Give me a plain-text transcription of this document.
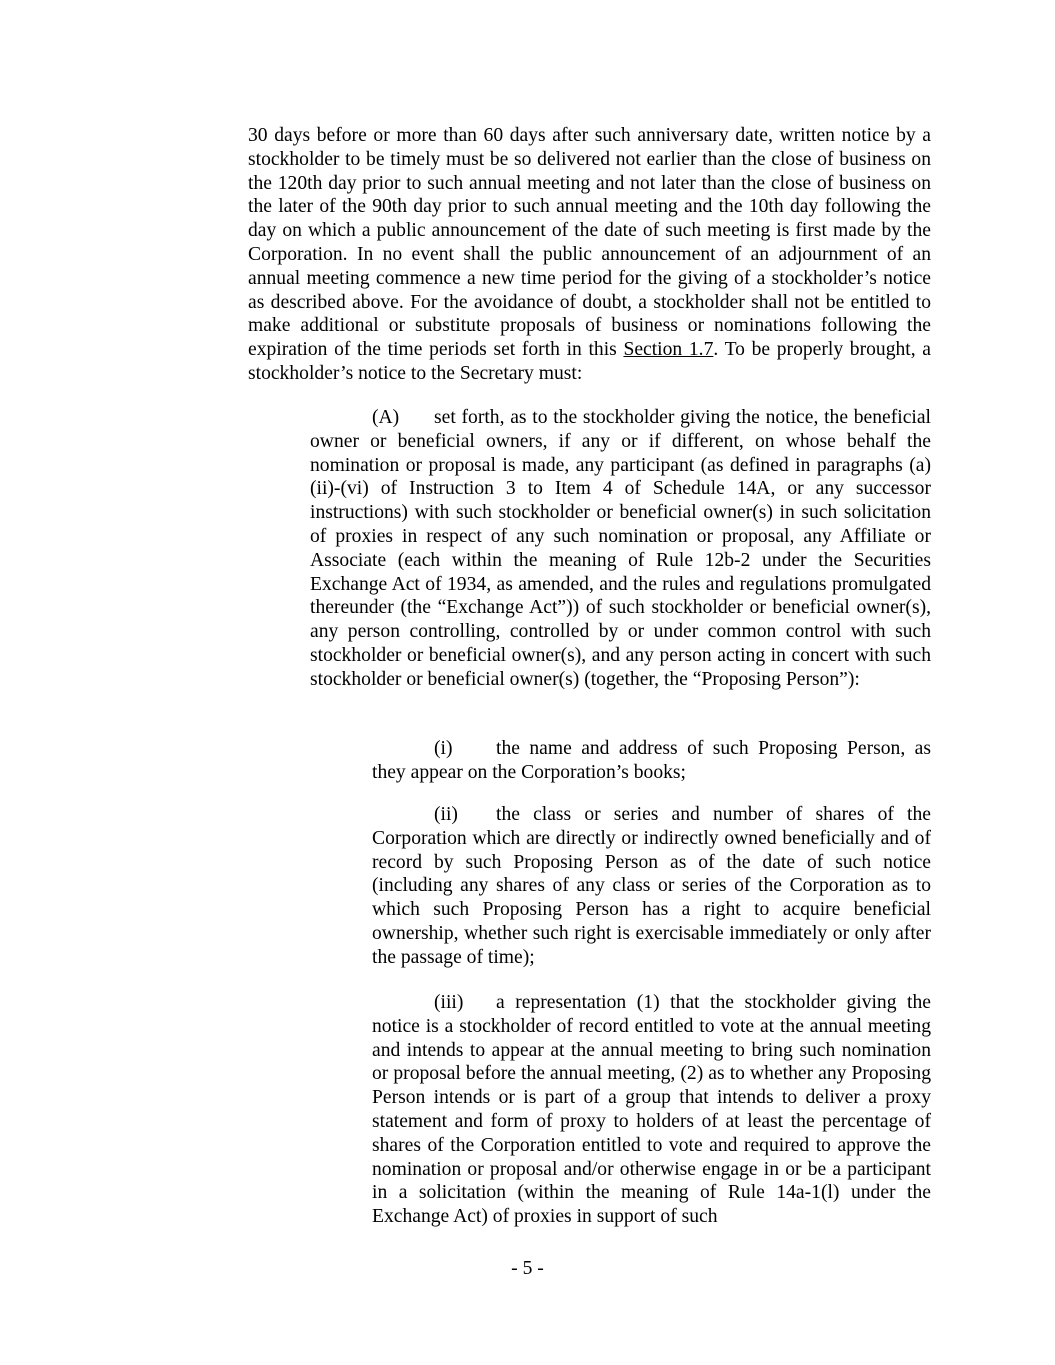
30 days before or more than 60 days after such anniversary date, written notice by a stockholder to be timely must be so delivered not earlier than the close of business on the 120th day prior to such annual meeting and not later than the close of business on the later of the 90th day prior to such annual meeting and the 10th day following the day on which a public announcement of the date of such meeting is first made by the Corporation. In no event shall the public announcement of an adjournment of an annual meeting commence a new time period for the giving of a stockholder’s notice as described above. For the avoidance of doubt, a stockholder shall not be entitled to make additional or substitute proposals of business or nominations following the expiration of the time periods set forth in this Section 1.7. To be properly brought, a stockholder’s notice to the Secretary must:

(A) set forth, as to the stockholder giving the notice, the beneficial owner or beneficial owners, if any or if different, on whose behalf the nomination or proposal is made, any participant (as defined in paragraphs (a)(ii)-(vi) of Instruction 3 to Item 4 of Schedule 14A, or any successor instructions) with such stockholder or beneficial owner(s) in such solicitation of proxies in respect of any such nomination or proposal, any Affiliate or Associate (each within the meaning of Rule 12b-2 under the Securities Exchange Act of 1934, as amended, and the rules and regulations promulgated thereunder (the “Exchange Act”)) of such stockholder or beneficial owner(s), any person controlling, controlled by or under common control with such stockholder or beneficial owner(s), and any person acting in concert with such stockholder or beneficial owner(s) (together, the “Proposing Person”):

(i) the name and address of such Proposing Person, as they appear on the Corporation’s books;

(ii) the class or series and number of shares of the Corporation which are directly or indirectly owned beneficially and of record by such Proposing Person as of the date of such notice (including any shares of any class or series of the Corporation as to which such Proposing Person has a right to acquire beneficial ownership, whether such right is exercisable immediately or only after the passage of time);

(iii) a representation (1) that the stockholder giving the notice is a stockholder of record entitled to vote at the annual meeting and intends to appear at the annual meeting to bring such nomination or proposal before the annual meeting, (2) as to whether any Proposing Person intends or is part of a group that intends to deliver a proxy statement and form of proxy to holders of at least the percentage of shares of the Corporation entitled to vote and required to approve the nomination or proposal and/or otherwise engage in or be a participant in a solicitation (within the meaning of Rule 14a-1(l) under the Exchange Act) of proxies in support of such

- 5 -
